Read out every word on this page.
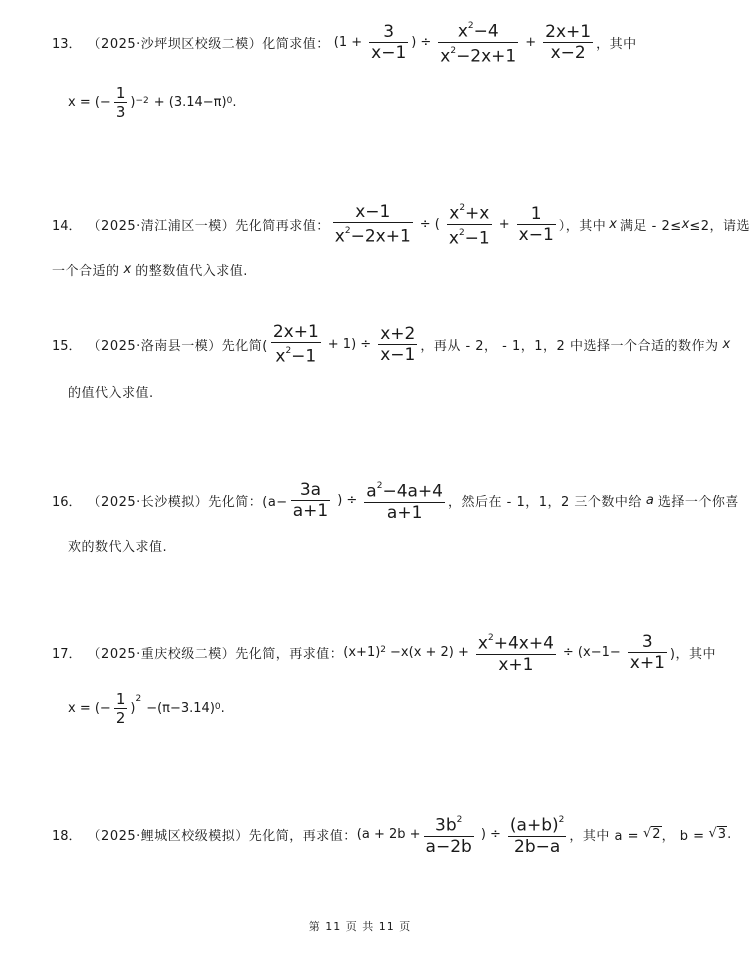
13． （2025·沙坪坝区校级二模） 化简求值： ($1 + \frac{3}{x-1}$ ) ÷ $\frac{x^2-4}{x^2-2x+1} + \frac{2x+1}{x-2}$ ，其中
x = (− $\frac{1}{3}$ ) −2 + (3.14−π) 0 .
14． （2025·清江浦区一模） 先化简再求值： $\frac{x-1}{x^2-2x+1}$ ÷ ( $\frac{x^2+x}{x^2-1} + \frac{1}{x-1}$ ），其中 x 满足 - 2≤ x ≤2，请选
一个合适的 x 的整数值代入求值.
15． （2025·洛南县一模） 先化简( $\frac{2x+1}{x^2-1} + 1) \div \frac{x+2}{x-1}$ ，再从 - 2， - 1，1，2 中选择一个合适的数作为 x
的值代入求值.
16． （2025·长沙模拟） 先化简：($a- \frac{3a}{a+1}$ ) ÷ $\frac{a^2-4a+4}{a+1}$ ，然后在 - 1，1，2 三个数中给 a 选择一个你喜
欢的数代入求值.
17． （2025·重庆校级二模） 先化简，再求值： (x+1) $2 -x(x + 2) + \frac{x^2+4x+4}{x+1} \div (x-1- \frac{3}{x+1}$ )，其中
x = (− $\frac{1}{2}$ )
2
−(π−3.14) 0 .
18． （2025·鲤城区校级模拟） 先化简，再求值： ($a + 2b + \frac{3b^2}{a-2b}$ ) ÷ $\frac{(a+b)^2}{2b-a}$ ，其中 a = √ 2 ， b = √ 3 .
第 11 页 共 11 页
